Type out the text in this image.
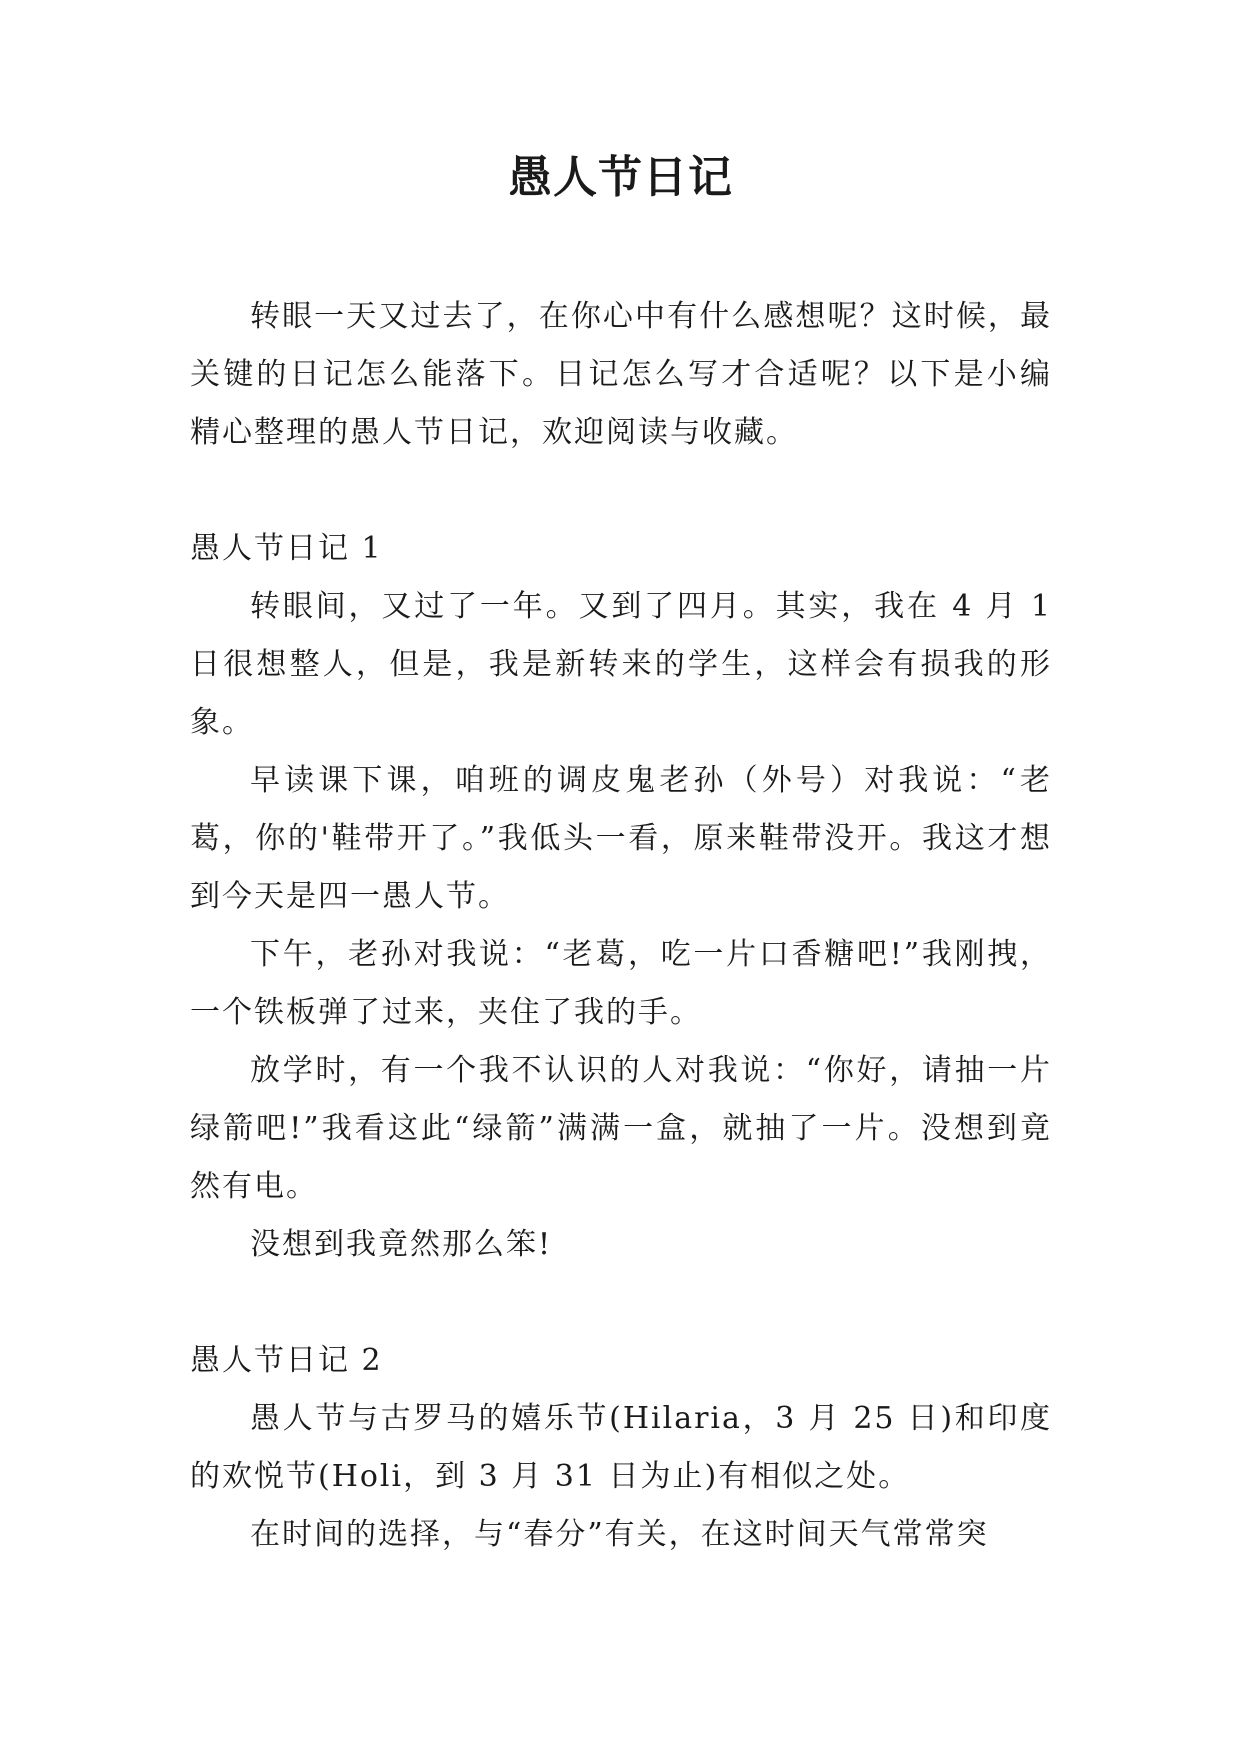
愚人节日记

转眼一天又过去了，在你心中有什么感想呢？这时候，最关键的日记怎么能落下。日记怎么写才合适呢？以下是小编精心整理的愚人节日记，欢迎阅读与收藏。

愚人节日记 1

转眼间，又过了一年。又到了四月。其实，我在 4 月 1 日很想整人，但是，我是新转来的学生，这样会有损我的形象。

早读课下课，咱班的调皮鬼老孙（外号）对我说：“老葛，你的'鞋带开了。”我低头一看，原来鞋带没开。我这才想到今天是四一愚人节。

下午，老孙对我说：“老葛，吃一片口香糖吧!”我刚拽，一个铁板弹了过来，夹住了我的手。

放学时，有一个我不认识的人对我说：“你好，请抽一片绿箭吧!”我看这此“绿箭”满满一盒，就抽了一片。没想到竟然有电。

没想到我竟然那么笨!

愚人节日记 2

愚人节与古罗马的嬉乐节(Hilaria，3 月 25 日)和印度的欢悦节(Holi，到 3 月 31 日为止)有相似之处。

在时间的选择，与“春分”有关，在这时间天气常常突
